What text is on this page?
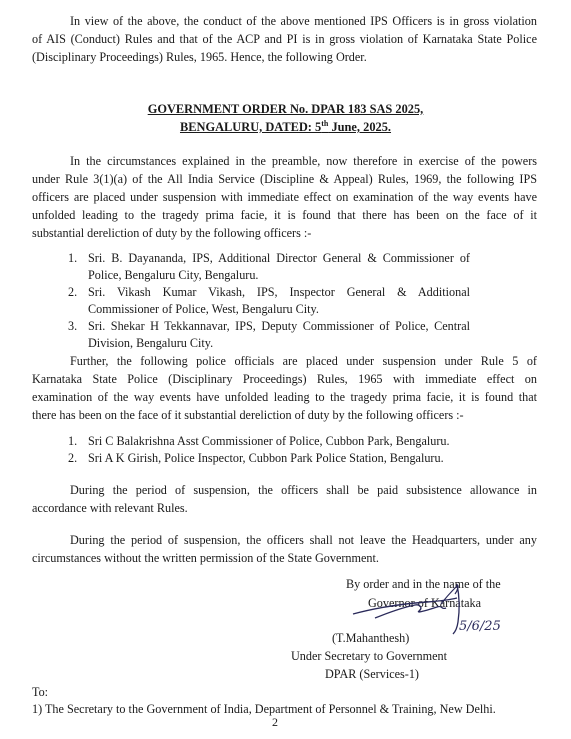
In view of the above, the conduct of the above mentioned IPS Officers is in gross violation
of AIS (Conduct) Rules and that of the ACP and PI is in gross violation of Karnataka State Police
(Disciplinary Proceedings) Rules, 1965. Hence, the following Order.
GOVERNMENT ORDER No. DPAR 183 SAS 2025,
BENGALURU, DATED: 5th June, 2025.
In the circumstances explained in the preamble, now therefore in exercise of the powers
under Rule 3(1)(a) of the All India Service (Discipline & Appeal) Rules, 1969, the following IPS
officers are placed under suspension with immediate effect on examination of the way events have
unfolded leading to the tragedy prima facie, it is found that there has been on the face of it
substantial dereliction of duty by the following officers :-
1. Sri. B. Dayananda, IPS, Additional Director General & Commissioner of
Police, Bengaluru City, Bengaluru.
2. Sri. Vikash Kumar Vikash, IPS, Inspector General & Additional
Commissioner of Police, West, Bengaluru City.
3. Sri. Shekar H Tekkannavar, IPS, Deputy Commissioner of Police, Central
Division, Bengaluru City.
Further, the following police officials are placed under suspension under Rule 5 of
Karnataka State Police (Disciplinary Proceedings) Rules, 1965 with immediate effect on
examination of the way events have unfolded leading to the tragedy prima facie, it is found that
there has been on the face of it substantial dereliction of duty by the following officers :-
1. Sri C Balakrishna Asst Commissioner of Police, Cubbon Park, Bengaluru.
2. Sri A K Girish, Police Inspector, Cubbon Park Police Station, Bengaluru.
During the period of suspension, the officers shall be paid subsistence allowance in
accordance with relevant Rules.
During the period of suspension, the officers shall not leave the Headquarters, under any
circumstances without the written permission of the State Government.
By order and in the name of the
Governor of Karnataka
5/6/25
(T.Mahanthesh)
Under Secretary to Government
DPAR (Services-1)
To:
1) The Secretary to the Government of India, Department of Personnel & Training, New Delhi.
2
